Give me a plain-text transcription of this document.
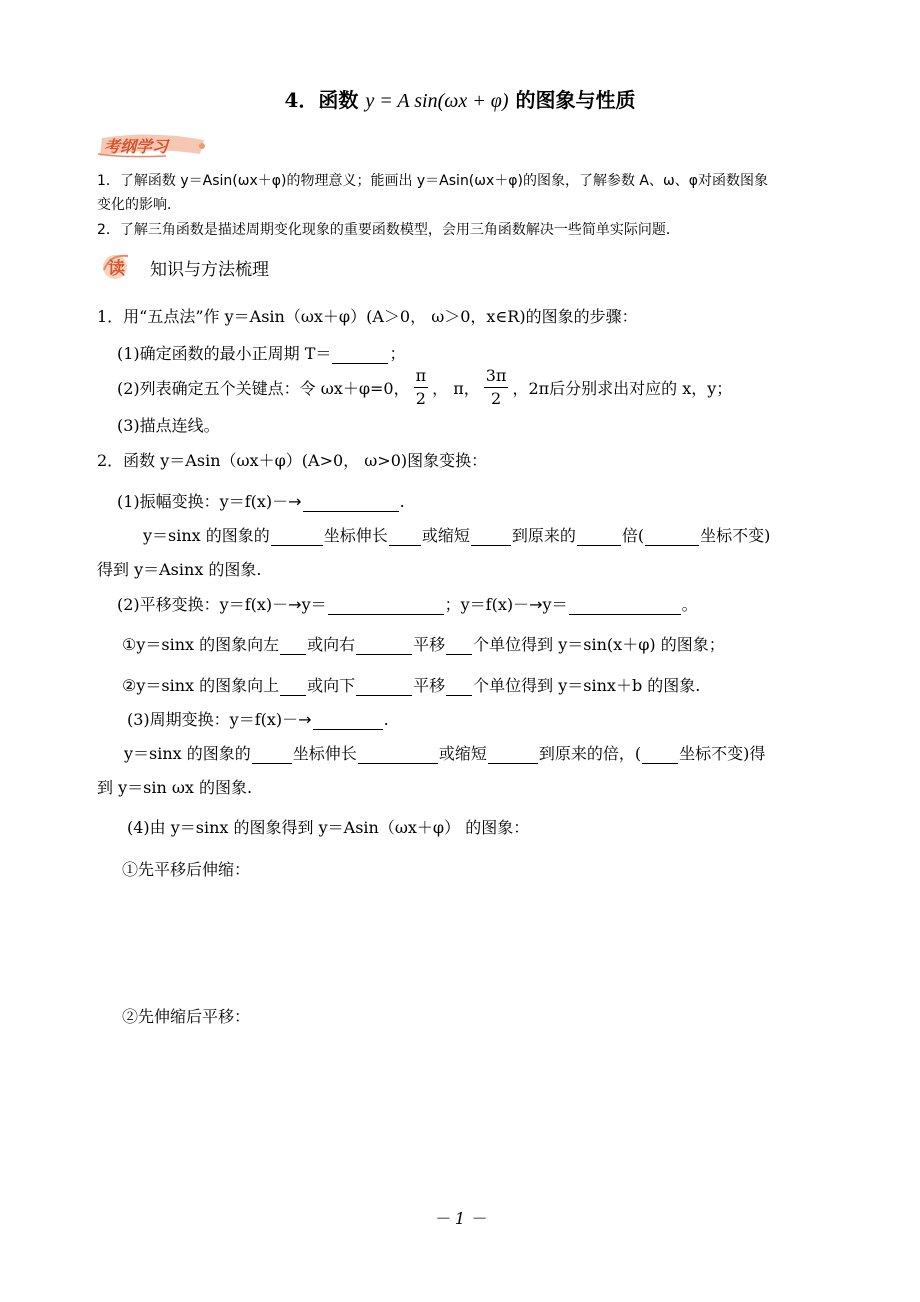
4．函数 y = A sin(ωx + φ) 的图象与性质
考纲学习
1．了解函数 y＝Asin(ωx＋φ)的物理意义；能画出 y＝Asin(ωx＋φ)的图象，了解参数 A、ω、φ对函数图象
变化的影响．
2．了解三角函数是描述周期变化现象的重要函数模型，会用三角函数解决一些简单实际问题．
读 知识与方法梳理
1．用“五点法”作 y＝Asin（ωx＋φ）(A＞0， ω＞0，x∈R)的图象的步骤：
(1)确定函数的最小正周期 T＝	；
(2)列表确定五个关键点：令 ωx＋φ=0， $\frac{\pi}{2}$ ， π， $\frac{3\pi}{2}$ ，2π后分别求出对应的 x，y；
(3)描点连线。
2．函数 y＝Asin（ωx＋φ）(A>0， ω>0)图象变换：
(1)振幅变换：y＝f(x)－→	.
y＝sinx 的图象的	坐标伸长 或缩短	到原来的	倍(	坐标不变)
得到 y＝Asinx 的图象.
(2)平移变换：y＝f(x)－→y＝	；y＝f(x)－→y＝	。
①y＝sinx 的图象向左 或向右	平移 个单位得到 y＝sin(x＋φ) 的图象；
②y＝sinx 的图象向上 或向下	平移 个单位得到 y＝sinx＋b 的图象.
(3)周期变换：y＝f(x)－→	.
y＝sinx 的图象的	坐标伸长	或缩短	到原来的倍，( 坐标不变)得
到 y＝sin ωx 的图象.
(4)由 y＝sinx 的图象得到 y＝Asin（ωx＋φ） 的图象：
①先平移后伸缩：
②先伸缩后平移：
－ 1 －
